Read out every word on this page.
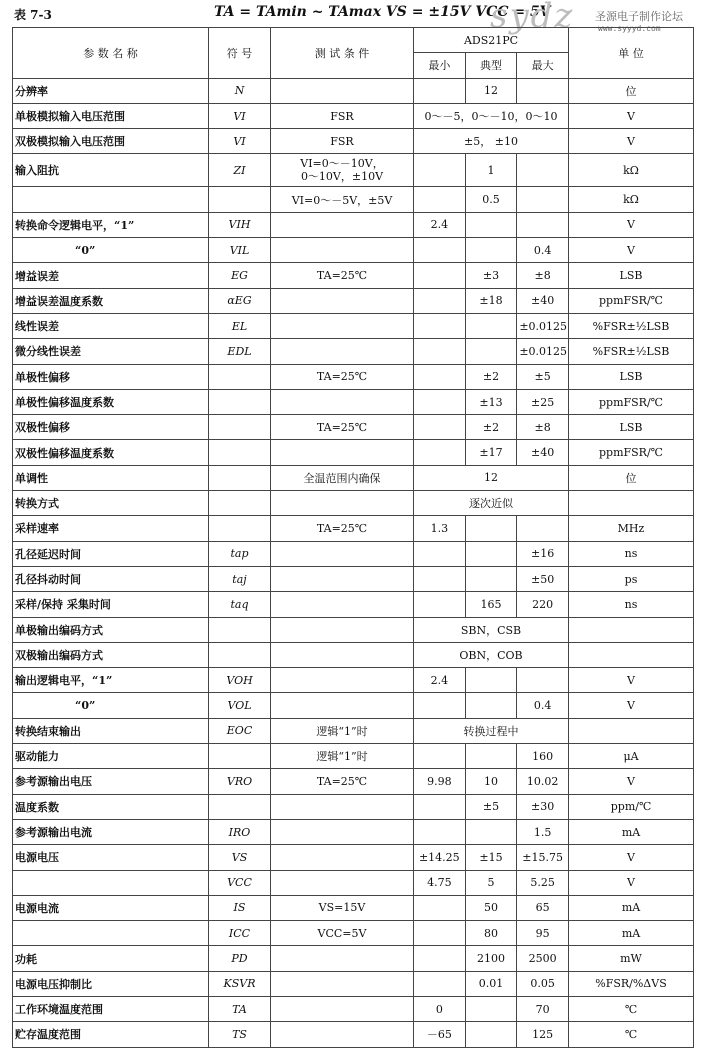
表 7-3	TA = TAmin ~ TAmax VS = ±15V VCC = 5V
sydz 圣源电子制作论坛
www.syyyd.com
参 数 名 称	符 号	测 试 条 件	ADS21PC			单 位
			最小	典型	最大	
分辨率	N			12		位
单极模拟输入电压范围	VI	FSR	0～－5，0～－10，0～10			V
双极模拟输入电压范围	VI	FSR	±5， ±10			V
输入阻抗	ZI	VI=0～－10V，
0～10V，±10V		1		kΩ
		VI=0～－5V，±5V		0.5		kΩ
转换命令逻辑电平，“1”	VIH		2.4			V
“0”	VIL				0.4	V
增益误差	EG	TA=25℃		±3	±8	LSB
增益误差温度系数	αEG			±18	±40	ppmFSR/℃
线性误差	EL				±0.0125	%FSR±½LSB
微分线性误差	EDL				±0.0125	%FSR±½LSB
单极性偏移		TA=25℃		±2	±5	LSB
单极性偏移温度系数				±13	±25	ppmFSR/℃
双极性偏移		TA=25℃		±2	±8	LSB
双极性偏移温度系数				±17	±40	ppmFSR/℃
单调性		全温范围内确保	12			位
转换方式			逐次近似			
采样速率		TA=25℃	1.3			MHz
孔径延迟时间	tap				±16	ns
孔径抖动时间	taj				±50	ps
采样/保持 采集时间	taq			165	220	ns
单极输出编码方式			SBN，CSB			
双极输出编码方式			OBN，COB			
输出逻辑电平，“1”	VOH		2.4			V
“0”	VOL				0.4	V
转换结束输出	EOC	逻辑“1”时	转换过程中			
驱动能力		逻辑“1”时			160	μA
参考源输出电压	VRO	TA=25℃	9.98	10	10.02	V
温度系数				±5	±30	ppm/℃
参考源输出电流	IRO				1.5	mA
电源电压	VS		±14.25	±15	±15.75	V
	VCC		4.75	5	5.25	V
电源电流	IS	VS=15V		50	65	mA
	ICC	VCC=5V		80	95	mA
功耗	PD			2100	2500	mW
电源电压抑制比	KSVR			0.01	0.05	%FSR/%ΔVS
工作环境温度范围	TA		0		70	℃
贮存温度范围	TS		－65		125	℃
